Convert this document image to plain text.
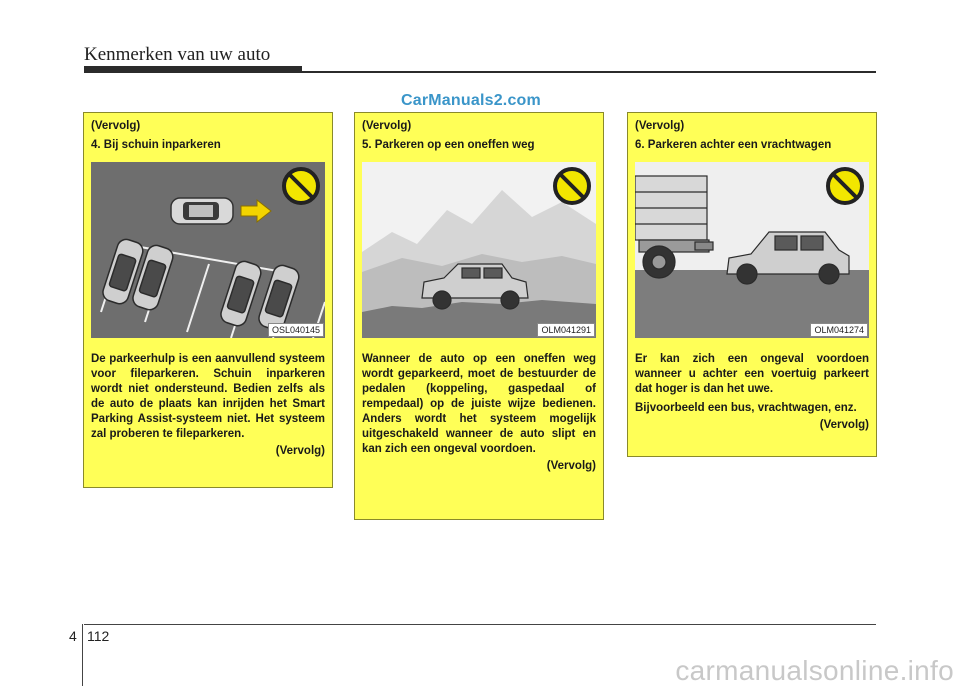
Kenmerken van uw auto
CarManuals2.com
(Vervolg)
4. Bij schuin inparkeren
OSL040145
De parkeerhulp is een aanvullend systeem voor fileparkeren. Schuin inparkeren wordt niet ondersteund. Bedien zelfs als de auto de plaats kan inrijden het Smart Parking Assist-systeem niet. Het systeem zal proberen te fileparkeren.
(Vervolg)
(Vervolg)
5. Parkeren op een oneffen weg
OLM041291
Wanneer de auto op een oneffen weg wordt geparkeerd, moet de bestuurder de pedalen (koppeling, gaspedaal of rempedaal) op de juiste wijze bedienen. Anders wordt het systeem mogelijk uitgeschakeld wanneer de auto slipt en kan zich een ongeval voordoen.
(Vervolg)
(Vervolg)
6. Parkeren achter een vrachtwagen
OLM041274
Er kan zich een ongeval voordoen wanneer u achter een voertuig parkeert dat hoger is dan het uwe.
Bijvoorbeeld een bus, vrachtwagen, enz.
(Vervolg)
4 112
carmanualsonline.info
